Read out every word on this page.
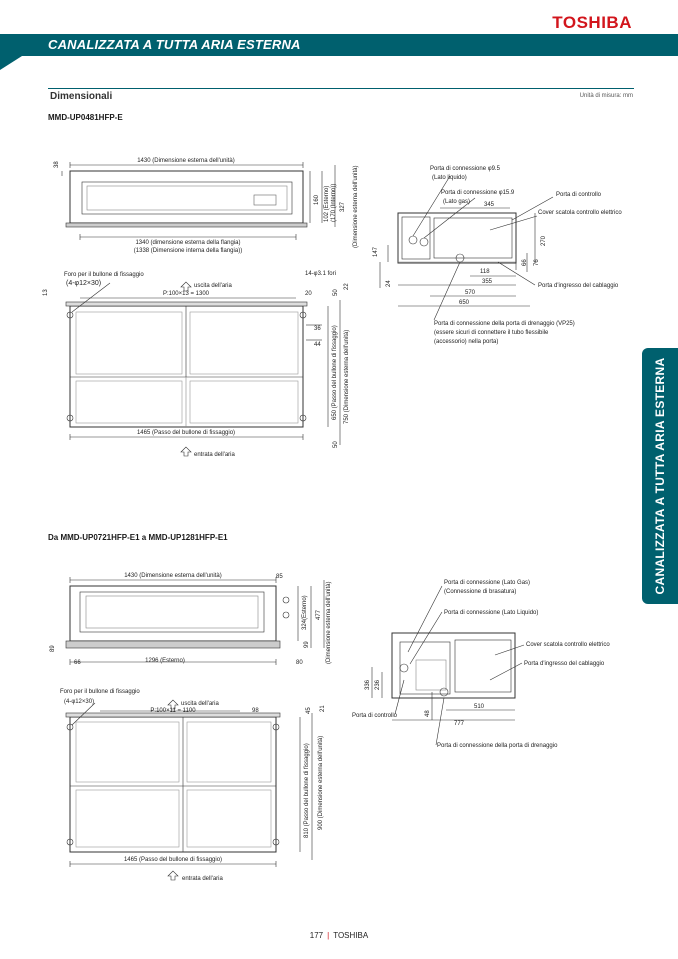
TOSHIBA
CANALIZZATA A TUTTA ARIA ESTERNA
Dimensionali	Unità di misura: mm
MMD-UP0481HFP-E
Da MMD-UP0721HFP-E1 a MMD-UP1281HFP-E1	CANALIZZATA A TUTTA ARIA ESTERNA
1430 (Dimensione esterna dell'unità)
38
1340 (dimensione esterna della flangia)
(1338 (Dimensione interna della flangia))
160 102 (Esterno) (170 (Interno)) 327 (Dimensione esterna dell'unità)	Porta di connessione φ9.5
(Lato liquido)
Porta di connessione φ15.9
(Lato gas)
Porta di controllo
Cover scatola controllo elettrico
Porta d'ingresso del cablaggio
Porta di connessione della porta di drenaggio (VP25)
(essere sicuri di connettere il tubo flessibile
(accessorio) nella porta)
345
270
147
24
66 76
118
355
570
650
Foro per il bullone di fissaggio
(4-φ12×30)	uscita dell'aria
P:100×13 = 1300
14-φ3.1 fori
13	20	50
22
36
44 650 (Passo del bullone di fissaggio) 750 (Dimensione esterna dell'unità)
50
1465 (Passo del bullone di fissaggio)
entrata dell'aria
1430 (Dimensione esterna dell'unità)	85
89
66	1296 (Esterno)	80
324(Esterno)
99
477 (Dimensione esterna dell'unità)	Porta di connessione (Lato Gas)
(Connessione di brasatura)
Porta di connessione (Lato Liquido)
Cover scatola controllo elettrico
Porta d'ingresso del cablaggio
Porta di controllo
Porta di connessione della porta di drenaggio
336 236
48
510
777
Foro per il bullone di fissaggio
(4-φ12×30)	uscita dell'aria
P:100×11 = 1100	98	45 21
810 (Passo del bullone di fissaggio) 900 (Dimensione esterna dell'unità)
1465 (Passo del bullone di fissaggio)
entrata dell'aria
177 | TOSHIBA
